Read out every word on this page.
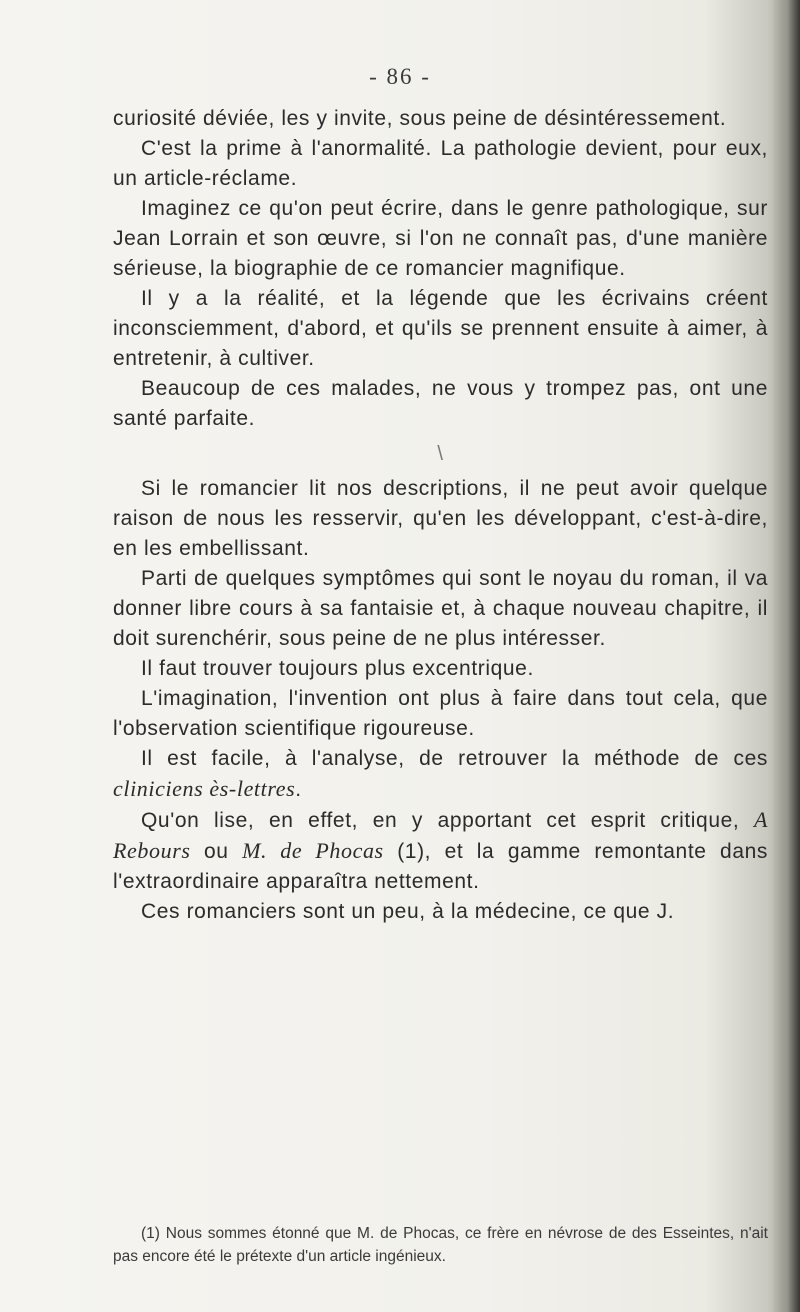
- 86 -

curiosité déviée, les y invite, sous peine de désintéressement.

C'est la prime à l'anormalité. La pathologie devient, pour eux, un article-réclame.

Imaginez ce qu'on peut écrire, dans le genre pathologique, sur Jean Lorrain et son œuvre, si l'on ne connaît pas, d'une manière sérieuse, la biographie de ce romancier magnifique.

Il y a la réalité, et la légende que les écrivains créent inconsciemment, d'abord, et qu'ils se prennent ensuite à aimer, à entretenir, à cultiver.

Beaucoup de ces malades, ne vous y trompez pas, ont une santé parfaite.

\

Si le romancier lit nos descriptions, il ne peut avoir quelque raison de nous les resservir, qu'en les développant, c'est-à-dire, en les embellissant.

Parti de quelques symptômes qui sont le noyau du roman, il va donner libre cours à sa fantaisie et, à chaque nouveau chapitre, il doit surenchérir, sous peine de ne plus intéresser.

Il faut trouver toujours plus excentrique.

L'imagination, l'invention ont plus à faire dans tout cela, que l'observation scientifique rigoureuse.

Il est facile, à l'analyse, de retrouver la méthode de ces cliniciens ès-lettres.

Qu'on lise, en effet, en y apportant cet esprit critique, A Rebours ou M. de Phocas (1), et la gamme remontante dans l'extraordinaire apparaîtra nettement.

Ces romanciers sont un peu, à la médecine, ce que J.

(1) Nous sommes étonné que M. de Phocas, ce frère en névrose de des Esseintes, n'ait pas encore été le prétexte d'un article ingénieux.
